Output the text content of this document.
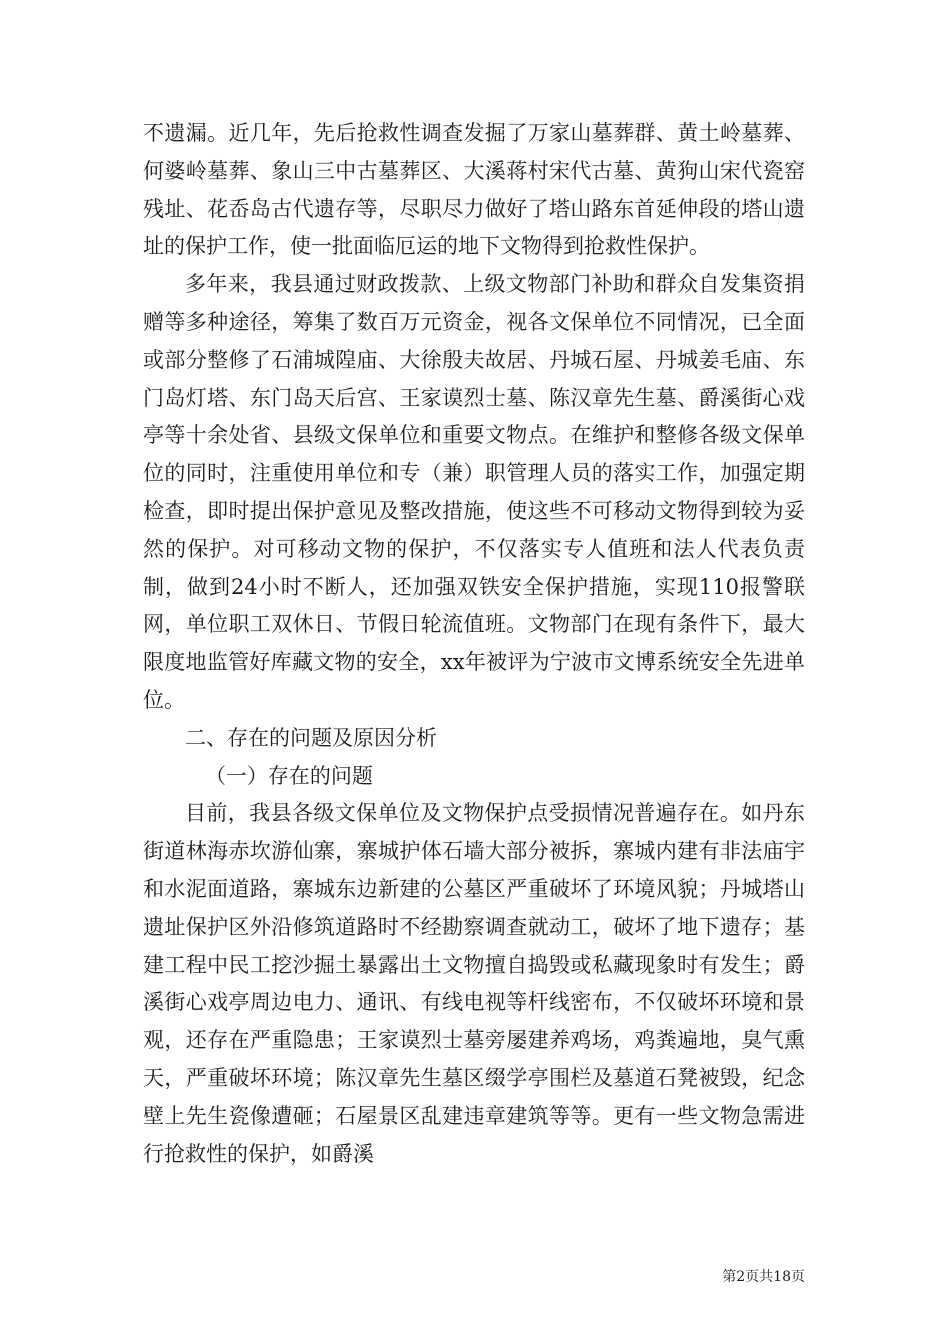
不遗漏。近几年，先后抢救性调查发掘了万家山墓葬群、黄土岭墓葬、何婆岭墓葬、象山三中古墓葬区、大溪蒋村宋代古墓、黄狗山宋代瓷窑残址、花岙岛古代遗存等，尽职尽力做好了塔山路东首延伸段的塔山遗址的保护工作，使一批面临厄运的地下文物得到抢救性保护。

多年来，我县通过财政拨款、上级文物部门补助和群众自发集资捐赠等多种途径，筹集了数百万元资金，视各文保单位不同情况，已全面或部分整修了石浦城隍庙、大徐殷夫故居、丹城石屋、丹城姜毛庙、东门岛灯塔、东门岛天后宫、王家谟烈士墓、陈汉章先生墓、爵溪街心戏亭等十余处省、县级文保单位和重要文物点。在维护和整修各级文保单位的同时，注重使用单位和专（兼）职管理人员的落实工作，加强定期检查，即时提出保护意见及整改措施，使这些不可移动文物得到较为妥然的保护。对可移动文物的保护，不仅落实专人值班和法人代表负责制，做到24小时不断人，还加强双铁安全保护措施，实现110报警联网，单位职工双休日、节假日轮流值班。文物部门在现有条件下，最大限度地监管好库藏文物的安全，xx年被评为宁波市文博系统安全先进单位。

二、存在的问题及原因分析

（一）存在的问题

目前，我县各级文保单位及文物保护点受损情况普遍存在。如丹东街道林海赤坎游仙寨，寨城护体石墙大部分被拆，寨城内建有非法庙宇和水泥面道路，寨城东边新建的公墓区严重破坏了环境风貌；丹城塔山遗址保护区外沿修筑道路时不经勘察调查就动工，破坏了地下遗存；基建工程中民工挖沙掘土暴露出土文物擅自捣毁或私藏现象时有发生；爵溪街心戏亭周边电力、通讯、有线电视等杆线密布，不仅破坏环境和景观，还存在严重隐患；王家谟烈士墓旁屡建养鸡场，鸡粪遍地，臭气熏天，严重破坏环境；陈汉章先生墓区缀学亭围栏及墓道石凳被毁，纪念壁上先生瓷像遭砸；石屋景区乱建违章建筑等等。更有一些文物急需进行抢救性的保护，如爵溪

第2页共18页
